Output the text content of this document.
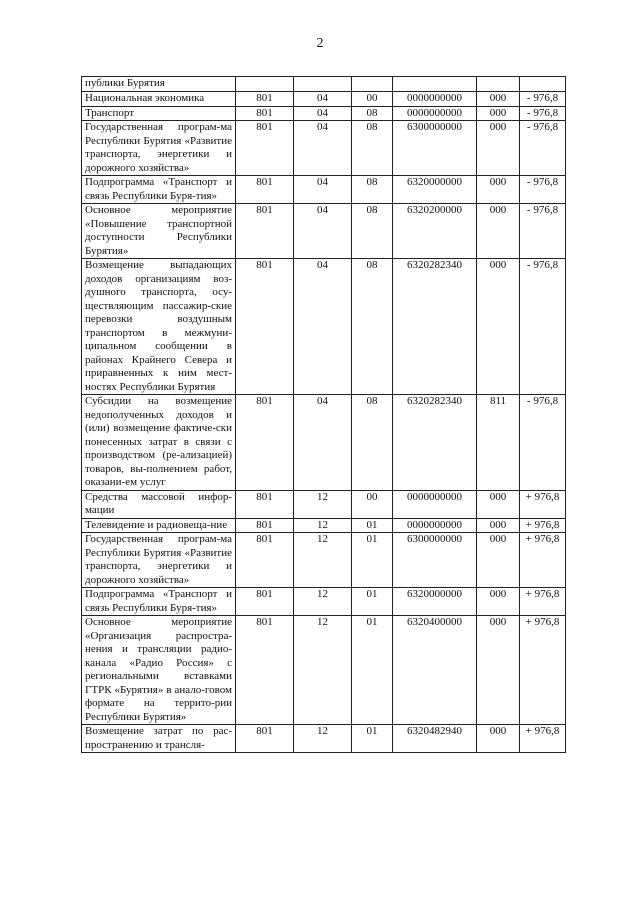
2
публики Бурятия						
Национальная экономика	801	04	00	0000000000	000	- 976,8
Транспорт	801	04	08	0000000000	000	- 976,8
Государственная програм-ма Республики Бурятия «Развитие транспорта, энергетики и дорожного хозяйства»	801	04	08	6300000000	000	- 976,8
Подпрограмма «Транспорт и связь Республики Буря-тия»	801	04	08	6320000000	000	- 976,8
Основное мероприятие «Повышение транспортной доступности Республики Бурятия»	801	04	08	6320200000	000	- 976,8
Возмещение выпадающих доходов организациям воз-душного транспорта, осу-ществляющим пассажир-ские перевозки воздушным транспортом в межмуни-ципальном сообщении в районах Крайнего Севера и приравненных к ним мест-ностях Республики Бурятия	801	04	08	6320282340	000	- 976,8
Субсидии на возмещение недополученных доходов и (или) возмещение фактиче-ски понесенных затрат в связи с производством (ре-ализацией) товаров, вы-полнением работ, оказани-ем услуг	801	04	08	6320282340	811	- 976,8
Средства массовой инфор-мации	801	12	00	0000000000	000	+ 976,8
Телевидение и радиовеща-ние	801	12	01	0000000000	000	+ 976,8
Государственная програм-ма Республики Бурятия «Развитие транспорта, энергетики и дорожного хозяйства»	801	12	01	6300000000	000	+ 976,8
Подпрограмма «Транспорт и связь Республики Буря-тия»	801	12	01	6320000000	000	+ 976,8
Основное мероприятие «Организация распростра-нения и трансляции радио-канала «Радио Россия» с региональными вставками ГТРК «Бурятия» в анало-говом формате на террито-рии Республики Бурятия»	801	12	01	6320400000	000	+ 976,8
Возмещение затрат по рас-пространению и трансля-	801	12	01	6320482940	000	+ 976,8
